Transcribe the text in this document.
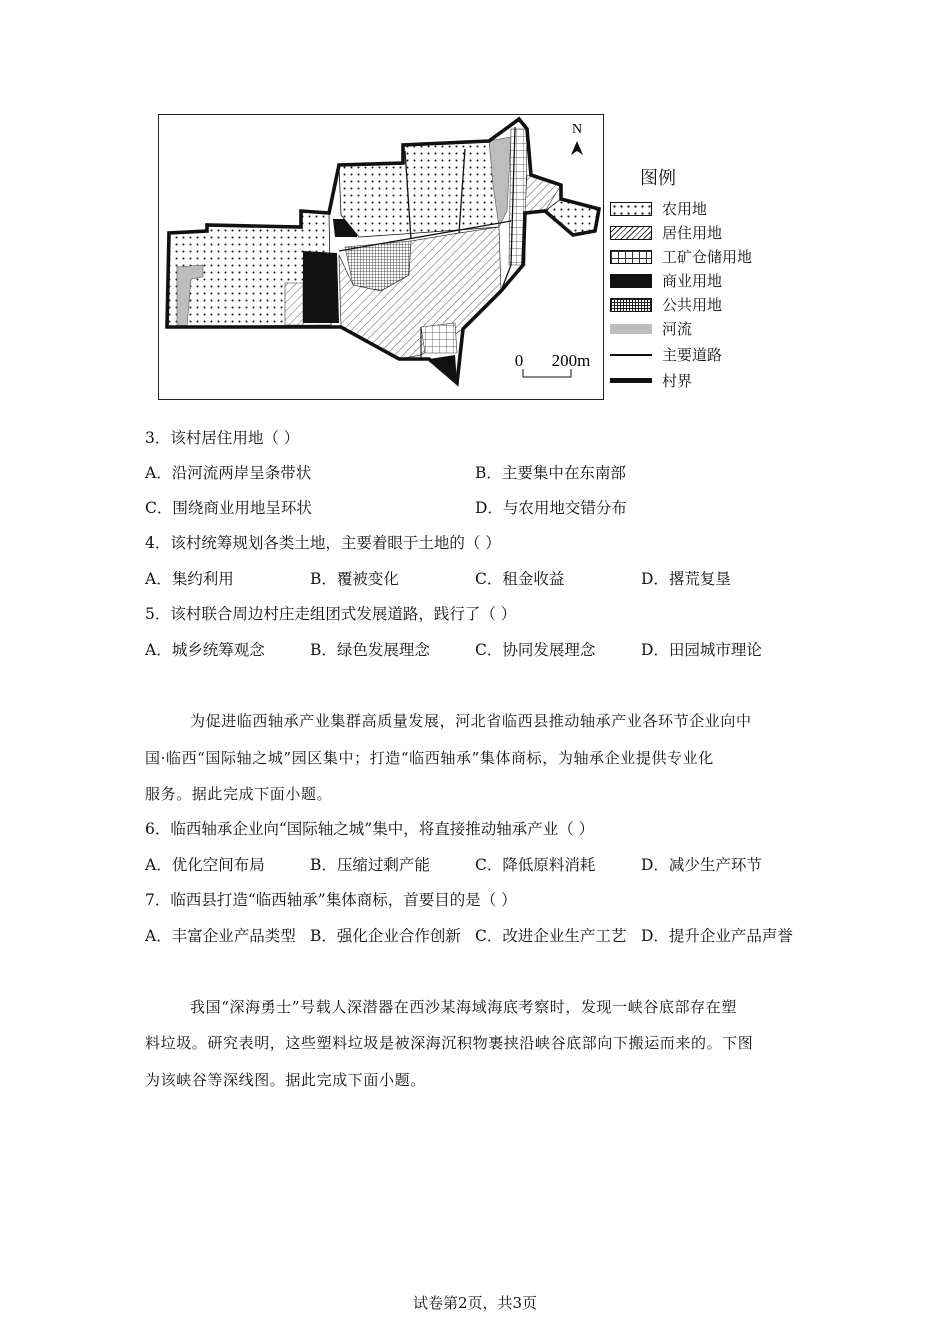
N
0 200m
图例
农用地
居住用地
工矿仓储用地
商业用地
公共用地
河流
主要道路
村界
3．该村居住用地（ ）
A．沿河流两岸呈条带状	B．主要集中在东南部
C．围绕商业用地呈环状	D．与农用地交错分布
4．该村统筹规划各类土地，主要着眼于土地的（ ）
A．集约利用	B．覆被变化	C．租金收益	D．撂荒复垦
5．该村联合周边村庄走组团式发展道路，践行了（ ）
A．城乡统筹观念	B．绿色发展理念	C．协同发展理念	D．田园城市理论
为促进临西轴承产业集群高质量发展，河北省临西县推动轴承产业各环节企业向中
国·临西“国际轴之城”园区集中；打造“临西轴承”集体商标，为轴承企业提供专业化
服务。据此完成下面小题。
6．临西轴承企业向“国际轴之城”集中，将直接推动轴承产业（ ）
A．优化空间布局	B．压缩过剩产能	C．降低原料消耗	D．减少生产环节
7．临西县打造“临西轴承”集体商标，首要目的是（ ）
A．丰富企业产品类型 B．强化企业合作创新 C．改进企业生产工艺 D．提升企业产品声誉
我国“深海勇士”号载人深潜器在西沙某海域海底考察时，发现一峡谷底部存在塑
料垃圾。研究表明，这些塑料垃圾是被深海沉积物裹挟沿峡谷底部向下搬运而来的。下图
为该峡谷等深线图。据此完成下面小题。
试卷第2页，共3页
